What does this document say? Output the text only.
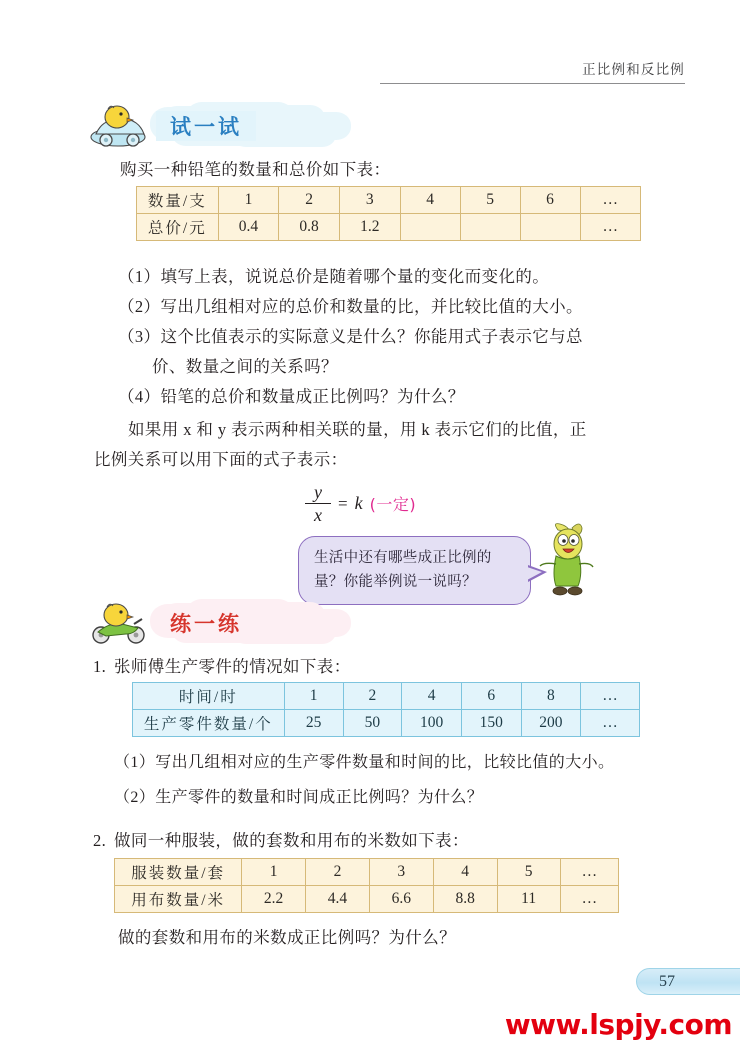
正比例和反比例
试一试
购买一种铅笔的数量和总价如下表：
数量/支	1	2	3	4	5	6	…
总价/元	0.4	0.8	1.2				…
（1）填写上表，说说总价是随着哪个量的变化而变化的。
（2）写出几组相对应的总价和数量的比，并比较比值的大小。
（3）这个比值表示的实际意义是什么？你能用式子表示它与总
价、数量之间的关系吗？
（4）铅笔的总价和数量成正比例吗？为什么？
如果用 x 和 y 表示两种相关联的量，用 k 表示它们的比值，正
比例关系可以用下面的式子表示：
$\frac{y}{x} = k$ (一定)
生活中还有哪些成正比例的
量？你能举例说一说吗？
练一练
1. 张师傅生产零件的情况如下表：
时间/时	1	2	4	6	8	…
生产零件数量/个	25	50	100	150	200	…
（1）写出几组相对应的生产零件数量和时间的比，比较比值的大小。
（2）生产零件的数量和时间成正比例吗？为什么？
2. 做同一种服装，做的套数和用布的米数如下表：
服装数量/套	1	2	3	4	5	…
用布数量/米	2.2	4.4	6.6	8.8	11	…
做的套数和用布的米数成正比例吗？为什么？
57
www.lspjy.com
